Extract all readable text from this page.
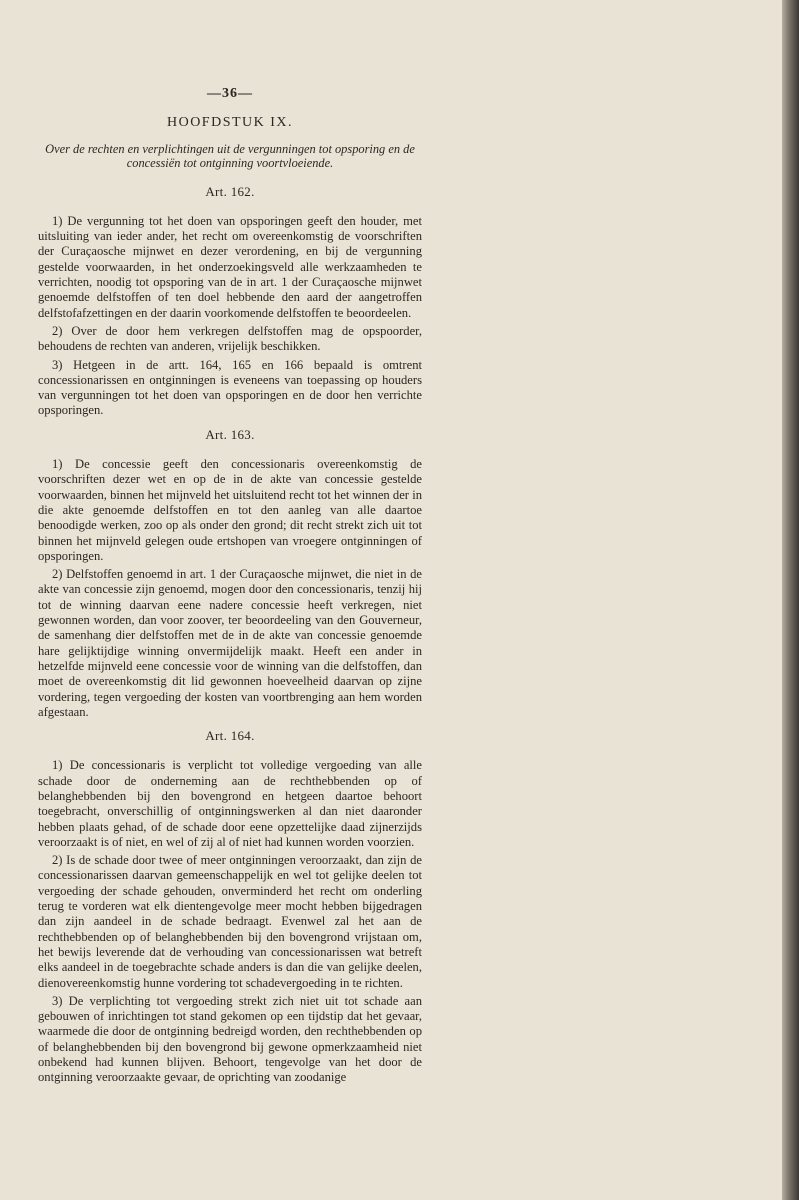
—36—
HOOFDSTUK IX.
Over de rechten en verplichtingen uit de vergunningen tot opsporing en de concessiën tot ontginning voortvloeiende.
Art. 162.

1) De vergunning tot het doen van opsporingen geeft den houder, met uitsluiting van ieder ander, het recht om overeenkomstig de voorschriften der Curaçaosche mijnwet en dezer verordening, en bij de vergunning gestelde voorwaarden, in het onderzoekingsveld alle werkzaamheden te verrichten, noodig tot opsporing van de in art. 1 der Curaçaosche mijnwet genoemde delfstoffen of ten doel hebbende den aard der aangetroffen delfstofafzettingen en der daarin voorkomende delfstoffen te beoordeelen.

2) Over de door hem verkregen delfstoffen mag de opspoorder, behoudens de rechten van anderen, vrijelijk beschikken.

3) Hetgeen in de artt. 164, 165 en 166 bepaald is omtrent concessionarissen en ontginningen is eveneens van toepassing op houders van vergunningen tot het doen van opsporingen en de door hen verrichte opsporingen.

Art. 163.

1) De concessie geeft den concessionaris overeenkomstig de voorschriften dezer wet en op de in de akte van concessie gestelde voorwaarden, binnen het mijnveld het uitsluitend recht tot het winnen der in die akte genoemde delfstoffen en tot den aanleg van alle daartoe benoodigde werken, zoo op als onder den grond; dit recht strekt zich uit tot binnen het mijnveld gelegen oude ertshopen van vroegere ontginningen of opsporingen.

2) Delfstoffen genoemd in art. 1 der Curaçaosche mijnwet, die niet in de akte van concessie zijn genoemd, mogen door den concessionaris, tenzij hij tot de winning daarvan eene nadere concessie heeft verkregen, niet gewonnen worden, dan voor zoover, ter beoordeeling van den Gouverneur, de samenhang dier delfstoffen met de in de akte van concessie genoemde hare gelijktijdige winning onvermijdelijk maakt. Heeft een ander in hetzelfde mijnveld eene concessie voor de winning van die delfstoffen, dan moet de overeenkomstig dit lid gewonnen hoeveelheid daarvan op zijne vordering, tegen vergoeding der kosten van voortbrenging aan hem worden afgestaan.

Art. 164.

1) De concessionaris is verplicht tot volledige vergoeding van alle schade door de onderneming aan de rechthebbenden op of belanghebbenden bij den bovengrond en hetgeen daartoe behoort toegebracht, onverschillig of ontginningswerken al dan niet daaronder hebben plaats gehad, of de schade door eene opzettelijke daad zijnerzijds veroorzaakt is of niet, en wel of zij al of niet had kunnen worden voorzien.

2) Is de schade door twee of meer ontginningen veroorzaakt, dan zijn de concessionarissen daarvan gemeenschappelijk en wel tot gelijke deelen tot vergoeding der schade gehouden, onverminderd het recht om onderling terug te vorderen wat elk dientengevolge meer mocht hebben bijgedragen dan zijn aandeel in de schade bedraagt. Evenwel zal het aan de rechthebbenden op of belanghebbenden bij den bovengrond vrijstaan om, het bewijs leverende dat de verhouding van concessionarissen wat betreft elks aandeel in de toegebrachte schade anders is dan die van gelijke deelen, dienovereenkomstig hunne vordering tot schadevergoeding in te richten.

3) De verplichting tot vergoeding strekt zich niet uit tot schade aan gebouwen of inrichtingen tot stand gekomen op een tijdstip dat het gevaar, waarmede die door de ontginning bedreigd worden, den rechthebbenden op of belanghebbenden bij den bovengrond bij gewone opmerkzaamheid niet onbekend had kunnen blijven. Behoort, tengevolge van het door de ontginning veroorzaakte gevaar, de oprichting van zoodanige
